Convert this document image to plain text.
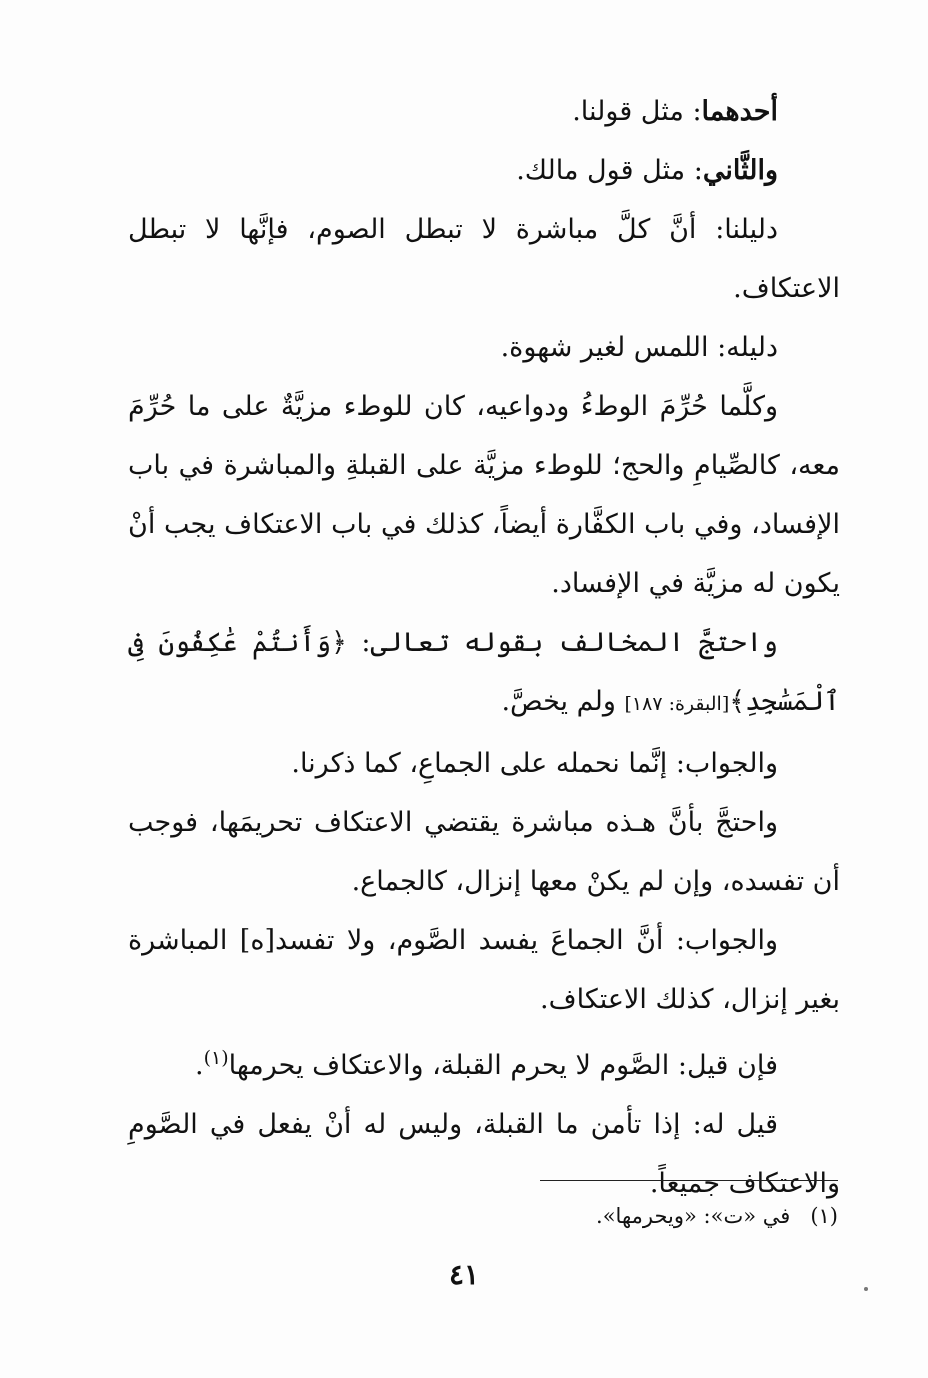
أحدهما: مثل قولنا.

والثَّاني: مثل قول مالك.

دليلنا: أنَّ كلَّ مباشرة لا تبطل الصوم، فإنَّها لا تبطل الاعتكاف.

دليله: اللمس لغير شهوة.

وكلَّما حُرِّمَ الوطءُ ودواعيه، كان للوطء مزيَّةٌ على ما حُرِّمَ معه، كالصِّيامِ والحج؛ للوطء مزيَّة على القبلةِ والمباشرة في باب الإفساد، وفي باب الكفَّارة أيضاً، كذلك في باب الاعتكاف يجب أنْ يكون له مزيَّة في الإفساد.

واحتجَّ المخالف بقوله تعالى: ﴿وَأَنتُمْ عَٰكِفُونَ فِى ٱلْمَسَٰجِدِ﴾[البقرة: ١٨٧] ولم يخصَّ.

والجواب: إنَّما نحمله على الجماعِ، كما ذكرنا.

واحتجَّ بأنَّ هـذه مباشرة يقتضي الاعتكاف تحريمَها، فوجب أن تفسده، وإن لم يكنْ معها إنزال، كالجماع.

والجواب: أنَّ الجماعَ يفسد الصَّوم، ولا تفسد[ه] المباشرة بغير إنزال، كذلك الاعتكاف.

فإن قيل: الصَّوم لا يحرم القبلة، والاعتكاف يحرمها$^{(١)}$.

قيل له: إذا تأمن ما القبلة، وليس له أنْ يفعل في الصَّومِ والاعتكاف جميعاً.

(١)   في «ت»: «ويحرمها».
٤١
